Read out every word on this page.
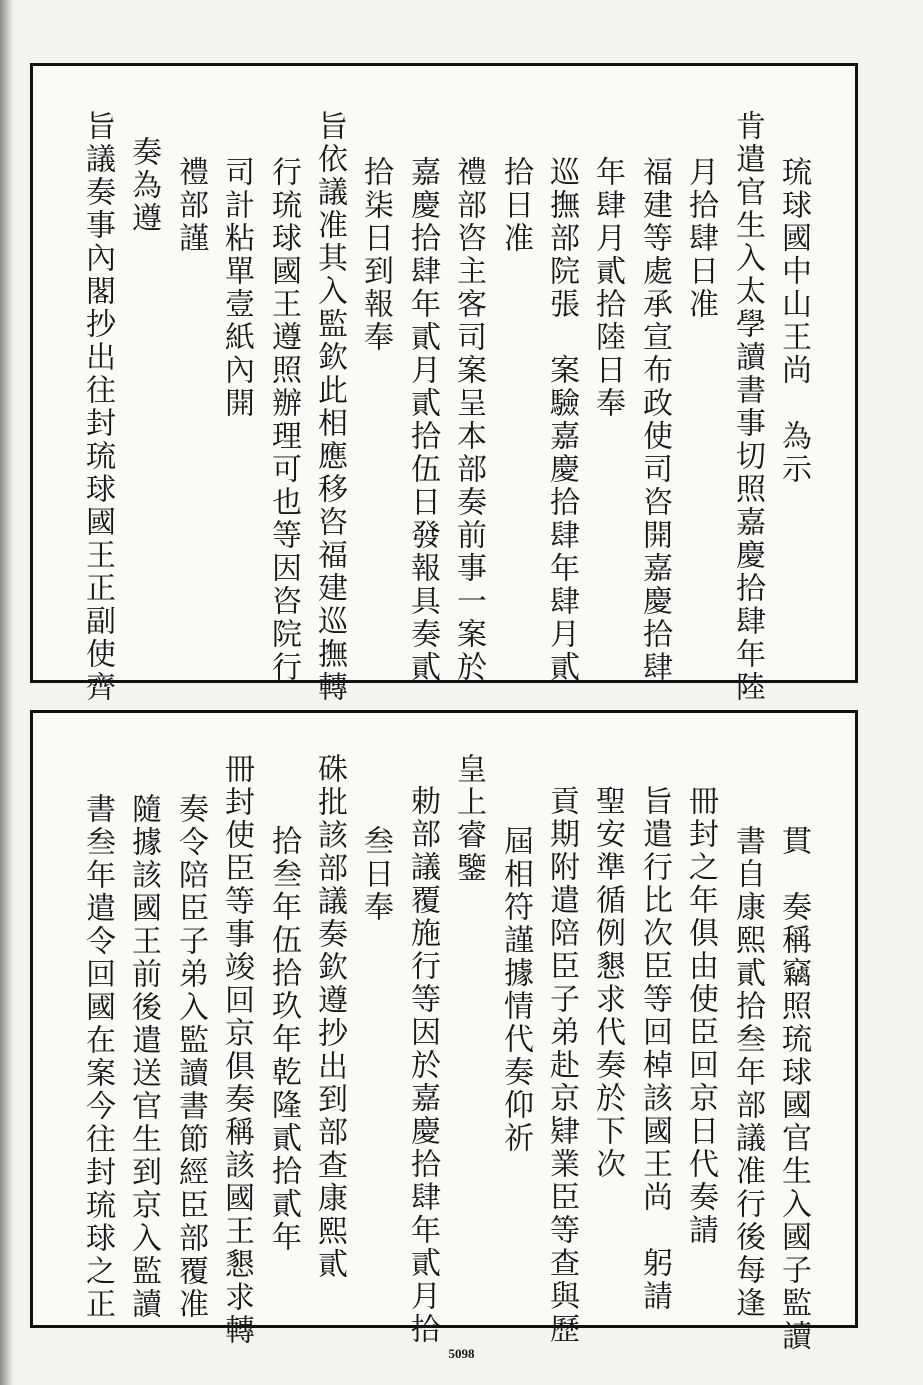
琉球國中山王尚　為示
肯遣官生入太學讀書事切照嘉慶拾肆年陸
月拾肆日准
福建等處承宣布政使司咨開嘉慶拾肆
年肆月貳拾陸日奉
巡撫部院張　案驗嘉慶拾肆年肆月貳
拾日准
禮部咨主客司案呈本部奏前事一案於
嘉慶拾肆年貳月貳拾伍日發報具奏貳
拾柒日到報奉
旨依議准其入監欽此相應移咨福建巡撫轉
行琉球國王遵照辦理可也等因咨院行
司計粘單壹紙內開
禮部謹
奏為遵
旨議奏事內閣抄出往封琉球國王正副使齊
貫　奏稱竊照琉球國官生入國子監讀
書自康熙貳拾叁年部議准行後每逢
冊封之年俱由使臣回京日代奏請
旨遣行比次臣等回棹該國王尚　躬請
聖安準循例懇求代奏於下次
貢期附遣陪臣子弟赴京肄業臣等查與歷
屆相符謹據情代奏仰祈
皇上睿鑒
勅部議覆施行等因於嘉慶拾肆年貳月拾
叁日奉
硃批該部議奏欽遵抄出到部查康熙貳
拾叁年伍拾玖年乾隆貳拾貳年
冊封使臣等事竣回京俱奏稱該國王懇求轉
奏令陪臣子弟入監讀書節經臣部覆准
隨據該國王前後遣送官生到京入監讀
書叁年遣令回國在案今往封琉球之正
5098
